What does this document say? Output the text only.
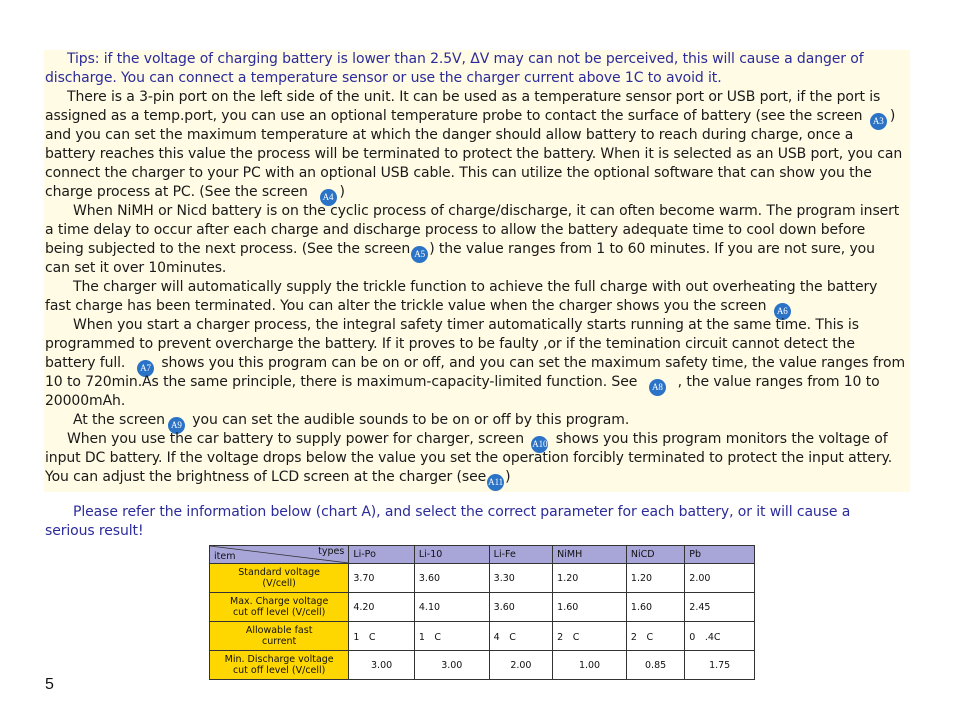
Tips: if the voltage of charging battery is lower than 2.5V, ΔV may can not be perceived, this will cause a danger of
discharge. You can connect a temperature sensor or use the charger current above 1C to avoid it.
There is a 3-pin port on the left side of the unit. It can be used as a temperature sensor port or USB port, if the port is
assigned as a temp.port, you can use an optional temperature probe to contact the surface of battery (see the screen A3 )
and you can set the maximum temperature at which the danger should allow battery to reach during charge, once a
battery reaches this value the process will be terminated to protect the battery. When it is selected as an USB port, you can
connect the charger to your PC with an optional USB cable. This can utilize the optional software that can show you the
charge process at PC. (See the screen A4 )
When NiMH or Nicd battery is on the cyclic process of charge/discharge, it can often become warm. The program insert
a time delay to occur after each charge and discharge process to allow the battery adequate time to cool down before
being subjected to the next process. (See the screen A5 ) the value ranges from 1 to 60 minutes. If you are not sure, you
can set it over 10minutes.
The charger will automatically supply the trickle function to achieve the full charge with out overheating the battery
fast charge has been terminated. You can alter the trickle value when the charger shows you the screen A6
When you start a charger process, the integral safety timer automatically starts running at the same time. This is
programmed to prevent overcharge the battery. If it proves to be faulty ,or if the temination circuit cannot detect the
battery full. A7 shows you this program can be on or off, and you can set the maximum safety time, the value ranges from
10 to 720min.As the same principle, there is maximum-capacity-limited function. See A8 , the value ranges from 10 to
20000mAh.
At the screen A9 you can set the audible sounds to be on or off by this program.
When you use the car battery to supply power for charger, screen A10 shows you this program monitors the voltage of
input DC battery. If the voltage drops below the value you set the operation forcibly terminated to protect the input attery.
You can adjust the brightness of LCD screen at the charger (see A11 )
Please refer the information below (chart A), and select the correct parameter for each battery, or it will cause a
serious result!
item types	Li-Po	Li-10	Li-Fe	NiMH	NiCD	Pb
Standard voltage
(V/cell)	3.70	3.60	3.30	1.20	1.20	2.00
Max. Charge voltage
cut off level (V/cell)	4.20	4.10	3.60	1.60	1.60	2.45
Allowable fast
current	1　C	1　C	4　C	2　C	2　C	0　.4C
Min. Discharge voltage
cut off level (V/cell)	3.00	3.00	2.00	1.00	0.85	1.75
5
